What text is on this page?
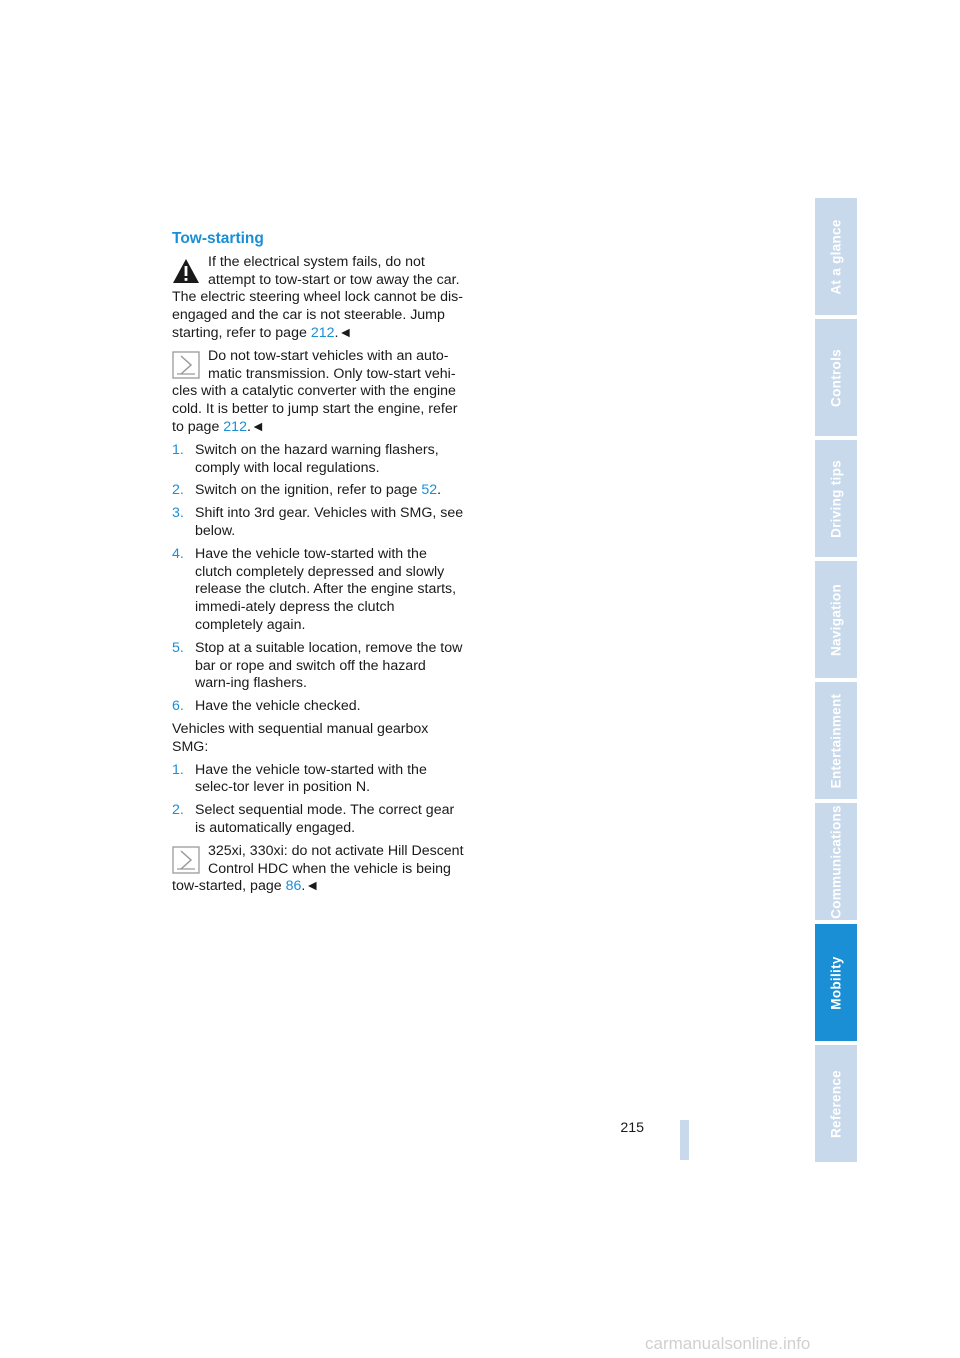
Tow-starting
If the electrical system fails, do not attempt to tow-start or tow away the car.
The electric steering wheel lock cannot be dis-engaged and the car is not steerable. Jump starting, refer to page 212.◄
Do not tow-start vehicles with an auto-matic transmission. Only tow-start vehi-
cles with a catalytic converter with the engine cold. It is better to jump start the engine, refer to page 212.◄
1. Switch on the hazard warning flashers, comply with local regulations.
2. Switch on the ignition, refer to page 52.
3. Shift into 3rd gear. Vehicles with SMG, see below.
4. Have the vehicle tow-started with the clutch completely depressed and slowly release the clutch. After the engine starts, immedi-ately depress the clutch completely again.
5. Stop at a suitable location, remove the tow bar or rope and switch off the hazard warn-ing flashers.
6. Have the vehicle checked.
Vehicles with sequential manual gearbox SMG:
1. Have the vehicle tow-started with the selec-tor lever in position N.
2. Select sequential mode. The correct gear is automatically engaged.
325xi, 330xi: do not activate Hill Descent Control HDC when the vehicle is being
tow-started, page 86.◄
At a glance
Controls
Driving tips
Navigation
Entertainment
Communications
Mobility
Reference
215
carmanualsonline.info
